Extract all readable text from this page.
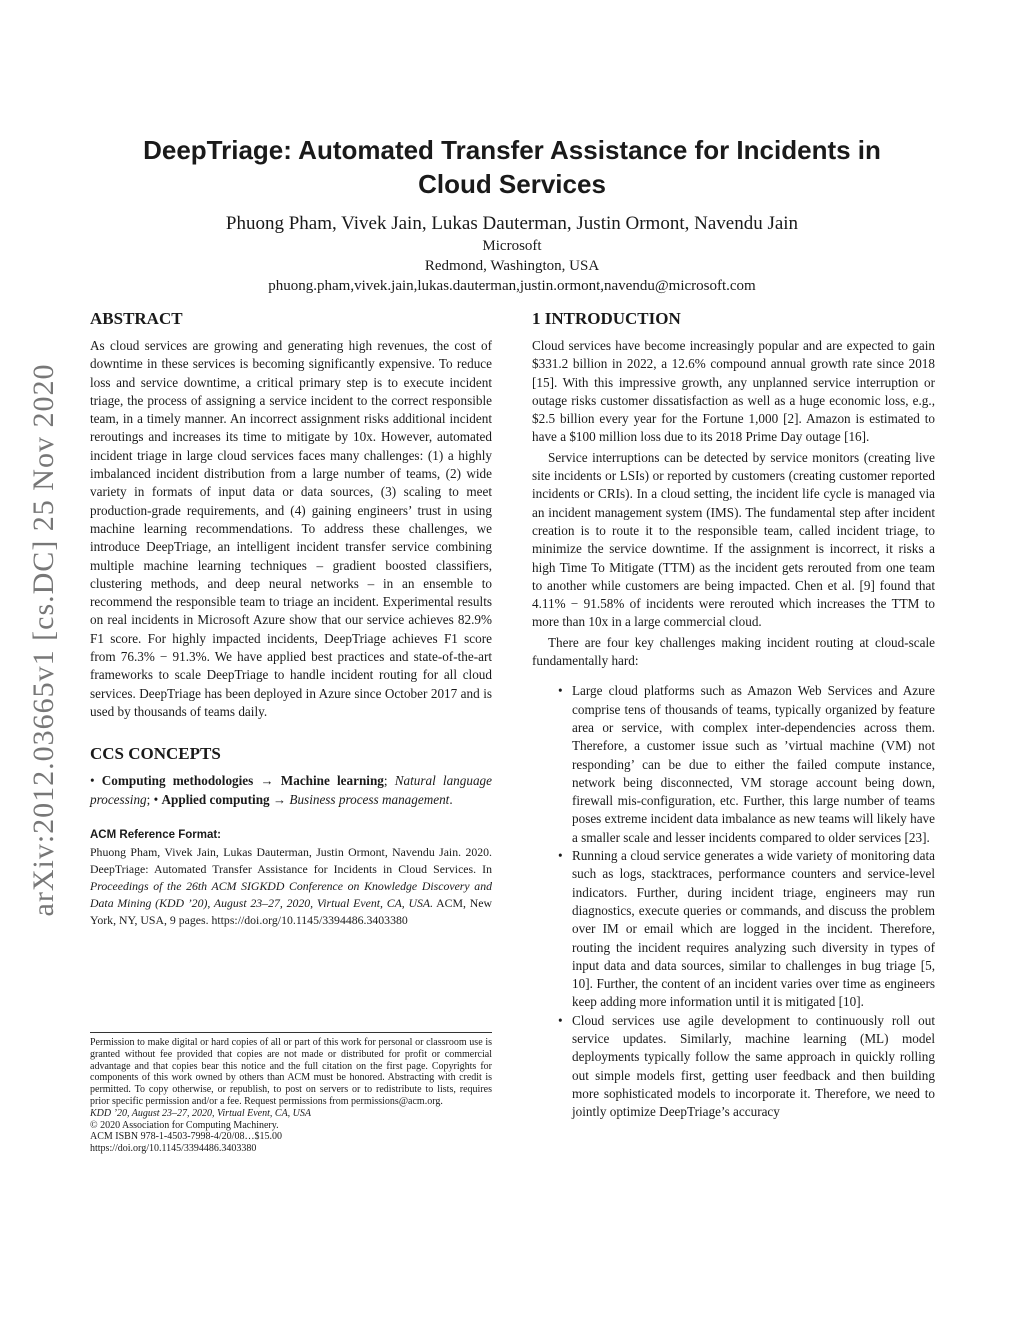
arXiv:2012.03665v1 [cs.DC] 25 Nov 2020
DeepTriage: Automated Transfer Assistance for Incidents in
Cloud Services
Phuong Pham, Vivek Jain, Lukas Dauterman, Justin Ormont, Navendu Jain
Microsoft
Redmond, Washington, USA
phuong.pham,vivek.jain,lukas.dauterman,justin.ormont,navendu@microsoft.com
ABSTRACT

As cloud services are growing and generating high revenues, the cost of downtime in these services is becoming significantly expensive. To reduce loss and service downtime, a critical primary step is to execute incident triage, the process of assigning a service incident to the correct responsible team, in a timely manner. An incorrect assignment risks additional incident reroutings and increases its time to mitigate by 10x. However, automated incident triage in large cloud services faces many challenges: (1) a highly imbalanced incident distribution from a large number of teams, (2) wide variety in formats of input data or data sources, (3) scaling to meet production-grade requirements, and (4) gaining engineers’ trust in using machine learning recommendations. To address these challenges, we introduce DeepTriage, an intelligent incident transfer service combining multiple machine learning techniques – gradient boosted classifiers, clustering methods, and deep neural networks – in an ensemble to recommend the responsible team to triage an incident. Experimental results on real incidents in Microsoft Azure show that our service achieves 82.9% F1 score. For highly impacted incidents, DeepTriage achieves F1 score from 76.3% − 91.3%. We have applied best practices and state-of-the-art frameworks to scale DeepTriage to handle incident routing for all cloud services. DeepTriage has been deployed in Azure since October 2017 and is used by thousands of teams daily.

CCS CONCEPTS

• Computing methodologies → Machine learning; Natural language processing; • Applied computing → Business process management.

ACM Reference Format:

Phuong Pham, Vivek Jain, Lukas Dauterman, Justin Ormont, Navendu Jain. 2020. DeepTriage: Automated Transfer Assistance for Incidents in Cloud Services. In Proceedings of the 26th ACM SIGKDD Conference on Knowledge Discovery and Data Mining (KDD ’20), August 23–27, 2020, Virtual Event, CA, USA. ACM, New York, NY, USA, 9 pages. https://doi.org/10.1145/3394486.3403380

Permission to make digital or hard copies of all or part of this work for personal or classroom use is granted without fee provided that copies are not made or distributed for profit or commercial advantage and that copies bear this notice and the full citation on the first page. Copyrights for components of this work owned by others than ACM must be honored. Abstracting with credit is permitted. To copy otherwise, or republish, to post on servers or to redistribute to lists, requires prior specific permission and/or a fee. Request permissions from permissions@acm.org.

KDD ’20, August 23–27, 2020, Virtual Event, CA, USA

© 2020 Association for Computing Machinery.

ACM ISBN 978-1-4503-7998-4/20/08…$15.00

https://doi.org/10.1145/3394486.3403380

1 INTRODUCTION

Cloud services have become increasingly popular and are expected to gain $331.2 billion in 2022, a 12.6% compound annual growth rate since 2018 [15]. With this impressive growth, any unplanned service interruption or outage risks customer dissatisfaction as well as a huge economic loss, e.g., $2.5 billion every year for the Fortune 1,000 [2]. Amazon is estimated to have a $100 million loss due to its 2018 Prime Day outage [16].

Service interruptions can be detected by service monitors (creating live site incidents or LSIs) or reported by customers (creating customer reported incidents or CRIs). In a cloud setting, the incident life cycle is managed via an incident management system (IMS). The fundamental step after incident creation is to route it to the responsible team, called incident triage, to minimize the service downtime. If the assignment is incorrect, it risks a high Time To Mitigate (TTM) as the incident gets rerouted from one team to another while customers are being impacted. Chen et al. [9] found that 4.11% − 91.58% of incidents were rerouted which increases the TTM to more than 10x in a large commercial cloud.

There are four key challenges making incident routing at cloud-scale fundamentally hard:

• Large cloud platforms such as Amazon Web Services and Azure comprise tens of thousands of teams, typically organized by feature area or service, with complex inter-dependencies across them. Therefore, a customer issue such as ’virtual machine (VM) not responding’ can be due to either the failed compute instance, network being disconnected, VM storage account being down, firewall mis-configuration, etc. Further, this large number of teams poses extreme incident data imbalance as new teams will likely have a smaller scale and lesser incidents compared to older services [23].
• Running a cloud service generates a wide variety of monitoring data such as logs, stacktraces, performance counters and service-level indicators. Further, during incident triage, engineers may run diagnostics, execute queries or commands, and discuss the problem over IM or email which are logged in the incident. Therefore, routing the incident requires analyzing such diversity in types of input data and data sources, similar to challenges in bug triage [5, 10]. Further, the content of an incident varies over time as engineers keep adding more information until it is mitigated [10].
• Cloud services use agile development to continuously roll out service updates. Similarly, machine learning (ML) model deployments typically follow the same approach in quickly rolling out simple models first, getting user feedback and then building more sophisticated models to incorporate it. Therefore, we need to jointly optimize DeepTriage’s accuracy
